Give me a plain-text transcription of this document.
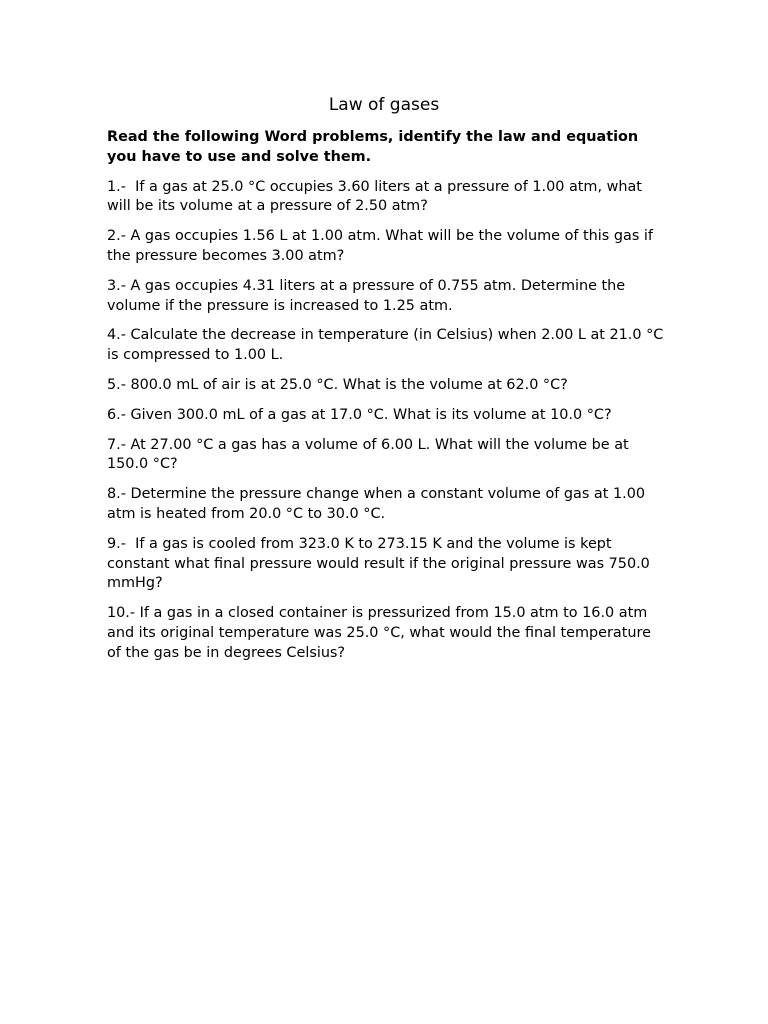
Law of gases

Read the following Word problems, identify the law and equation you have to use and solve them.

1.-  If a gas at 25.0 °C occupies 3.60 liters at a pressure of 1.00 atm, what will be its volume at a pressure of 2.50 atm?

2.- A gas occupies 1.56 L at 1.00 atm. What will be the volume of this gas if the pressure becomes 3.00 atm?

3.- A gas occupies 4.31 liters at a pressure of 0.755 atm. Determine the volume if the pressure is increased to 1.25 atm.

4.- Calculate the decrease in temperature (in Celsius) when 2.00 L at 21.0 °C is compressed to 1.00 L.

5.- 800.0 mL of air is at 25.0 °C. What is the volume at 62.0 °C?

6.- Given 300.0 mL of a gas at 17.0 °C. What is its volume at 10.0 °C?

7.- At 27.00 °C a gas has a volume of 6.00 L. What will the volume be at 150.0 °C?

8.- Determine the pressure change when a constant volume of gas at 1.00 atm is heated from 20.0 °C to 30.0 °C.

9.-  If a gas is cooled from 323.0 K to 273.15 K and the volume is kept constant what final pressure would result if the original pressure was 750.0 mmHg?

10.- If a gas in a closed container is pressurized from 15.0 atm to 16.0 atm and its original temperature was 25.0 °C, what would the final temperature of the gas be in degrees Celsius?
